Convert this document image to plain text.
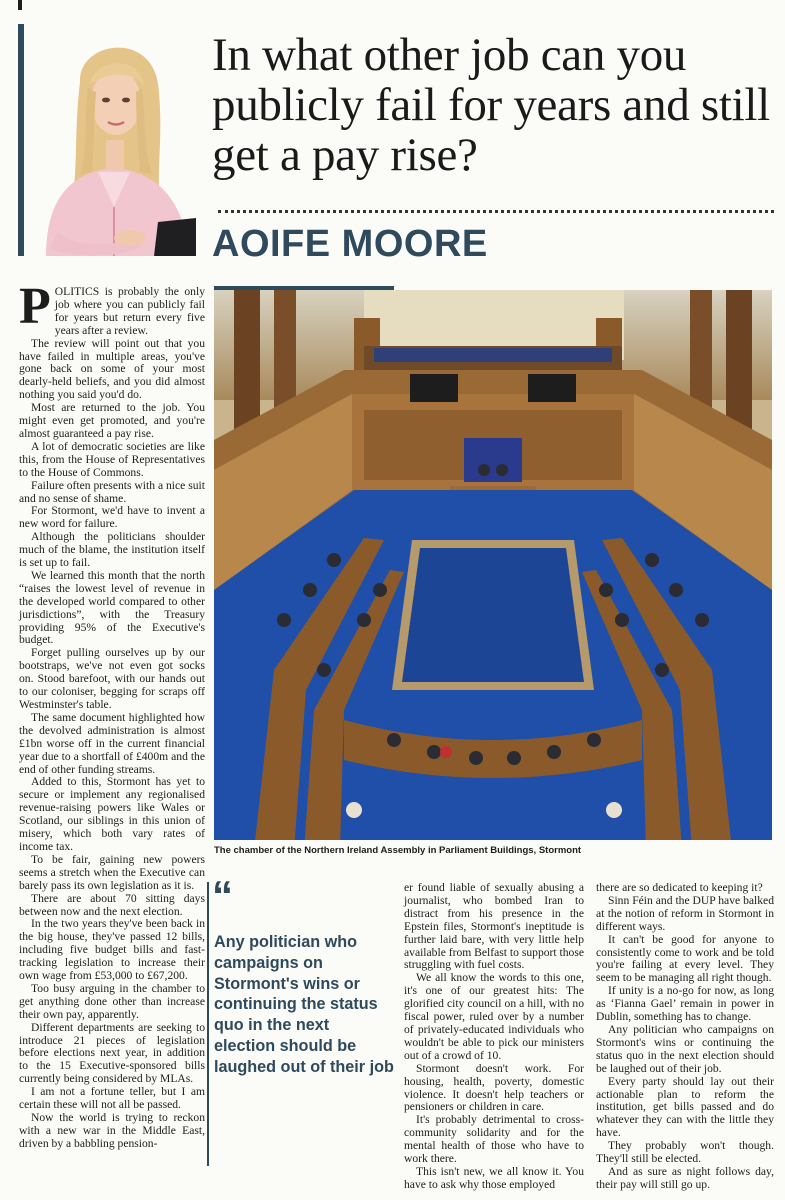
In what other job can you publicly fail for years and still get a pay rise?
AOIFE MOORE

POLITICS is probably the only job where you can publicly fail for years but return every five years after a review.

The review will point out that you have failed in multiple areas, you've gone back on some of your most dearly-held beliefs, and you did almost nothing you said you'd do.

Most are returned to the job. You might even get promoted, and you're almost guaranteed a pay rise.

A lot of democratic societies are like this, from the House of Representatives to the House of Commons.

Failure often presents with a nice suit and no sense of shame.

For Stormont, we'd have to invent a new word for failure.

Although the politicians shoulder much of the blame, the institution itself is set up to fail.

We learned this month that the north “raises the lowest level of revenue in the developed world compared to other jurisdictions”, with the Treasury providing 95% of the Executive's budget.

Forget pulling ourselves up by our bootstraps, we've not even got socks on. Stood barefoot, with our hands out to our coloniser, begging for scraps off Westminster's table.

The same document highlighted how the devolved administration is almost £1bn worse off in the current financial year due to a shortfall of £400m and the end of other funding streams.

Added to this, Stormont has yet to secure or implement any regionalised revenue-raising powers like Wales or Scotland, our siblings in this union of misery, which both vary rates of income tax.

To be fair, gaining new powers seems a stretch when the Executive can barely pass its own legislation as it is.

There are about 70 sitting days between now and the next election.

In the two years they've been back in the big house, they've passed 12 bills, including five budget bills and fast-tracking legislation to increase their own wage from £53,000 to £67,200.

Too busy arguing in the chamber to get anything done other than increase their own pay, apparently.

Different departments are seeking to introduce 21 pieces of legislation before elections next year, in addition to the 15 Executive-sponsored bills currently being considered by MLAs.

I am not a fortune teller, but I am certain these will not all be passed.

Now the world is trying to reckon with a new war in the Middle East, driven by a babbling pension-

The chamber of the Northern Ireland Assembly in Parliament Buildings, Stormont

“

Any politician who campaigns on Stormont's wins or continuing the status quo in the next election should be laughed out of their job

er found liable of sexually abusing a journalist, who bombed Iran to distract from his presence in the Epstein files, Stormont's ineptitude is further laid bare, with very little help available from Belfast to support those struggling with fuel costs.

We all know the words to this one, it's one of our greatest hits: The glorified city council on a hill, with no fiscal power, ruled over by a number of privately-educated individuals who wouldn't be able to pick our ministers out of a crowd of 10.

Stormont doesn't work. For housing, health, poverty, domestic violence. It doesn't help teachers or pensioners or children in care.

It's probably detrimental to cross-community solidarity and for the mental health of those who have to work there.

This isn't new, we all know it. You have to ask why those employed

there are so dedicated to keeping it?

Sinn Féin and the DUP have balked at the notion of reform in Stormont in different ways.

It can't be good for anyone to consistently come to work and be told you're failing at every level. They seem to be managing all right though.

If unity is a no-go for now, as long as ‘Fianna Gael’ remain in power in Dublin, something has to change.

Any politician who campaigns on Stormont's wins or continuing the status quo in the next election should be laughed out of their job.

Every party should lay out their actionable plan to reform the institution, get bills passed and do whatever they can with the little they have.

They probably won't though. They'll still be elected.

And as sure as night follows day, their pay will still go up.
